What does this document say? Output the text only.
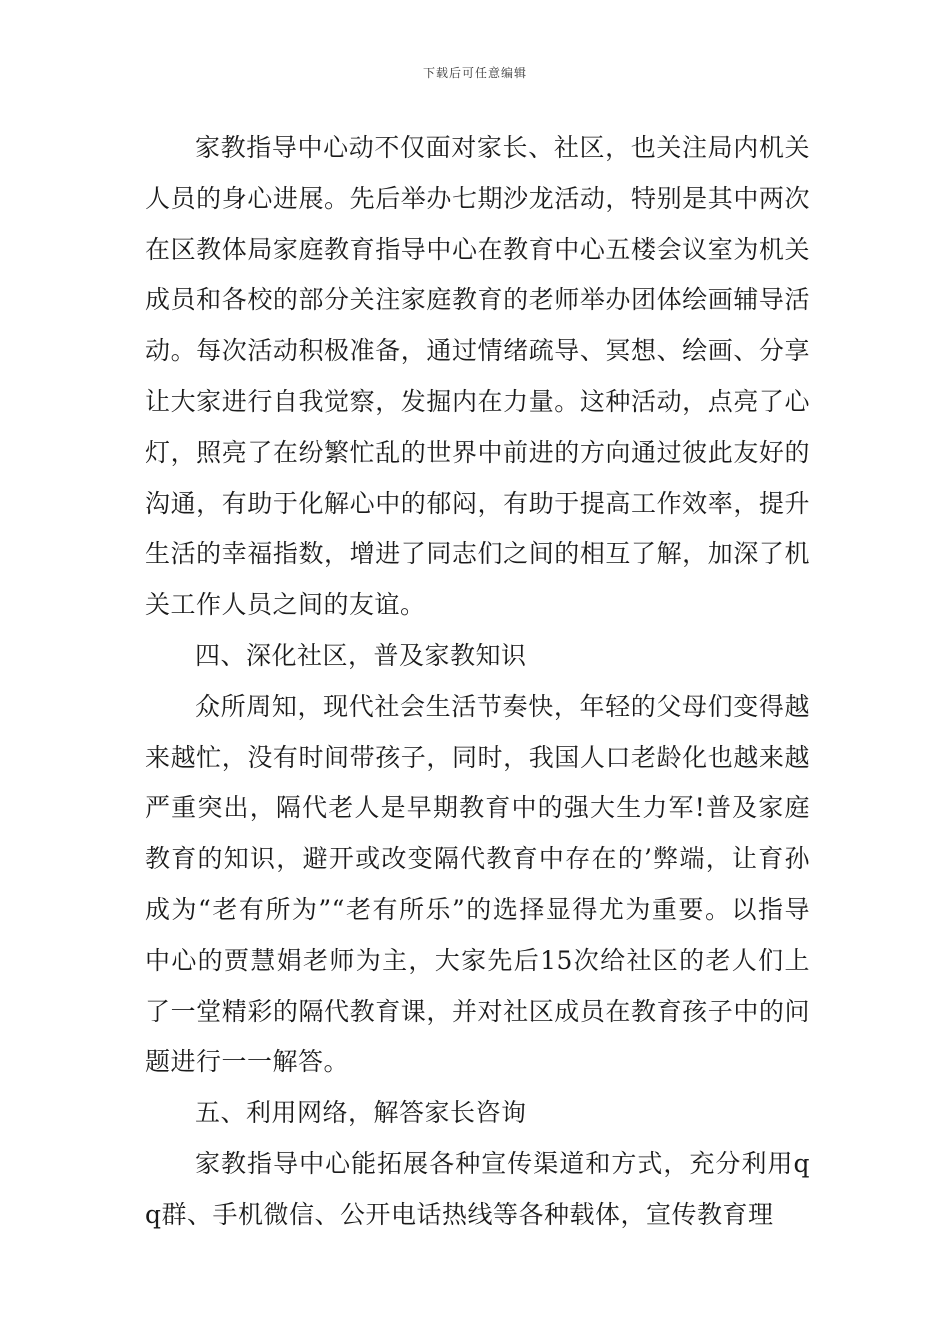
下载后可任意编辑

家教指导中心动不仅面对家长、社区，也关注局内机关人员的身心进展。先后举办七期沙龙活动，特别是其中两次在区教体局家庭教育指导中心在教育中心五楼会议室为机关成员和各校的部分关注家庭教育的老师举办团体绘画辅导活动。每次活动积极准备，通过情绪疏导、冥想、绘画、分享让大家进行自我觉察，发掘内在力量。这种活动，点亮了心灯，照亮了在纷繁忙乱的世界中前进的方向通过彼此友好的沟通，有助于化解心中的郁闷，有助于提高工作效率，提升生活的幸福指数，增进了同志们之间的相互了解，加深了机关工作人员之间的友谊。

四、深化社区，普及家教知识

众所周知，现代社会生活节奏快，年轻的父母们变得越来越忙，没有时间带孩子，同时，我国人口老龄化也越来越严重突出，隔代老人是早期教育中的强大生力军!普及家庭教育的知识，避开或改变隔代教育中存在的’弊端，让育孙成为“老有所为”“老有所乐”的选择显得尤为重要。以指导中心的贾慧娟老师为主，大家先后15次给社区的老人们上了一堂精彩的隔代教育课，并对社区成员在教育孩子中的问题进行一一解答。

五、利用网络，解答家长咨询

家教指导中心能拓展各种宣传渠道和方式，充分利用qq群、手机微信、公开电话热线等各种载体，宣传教育理
